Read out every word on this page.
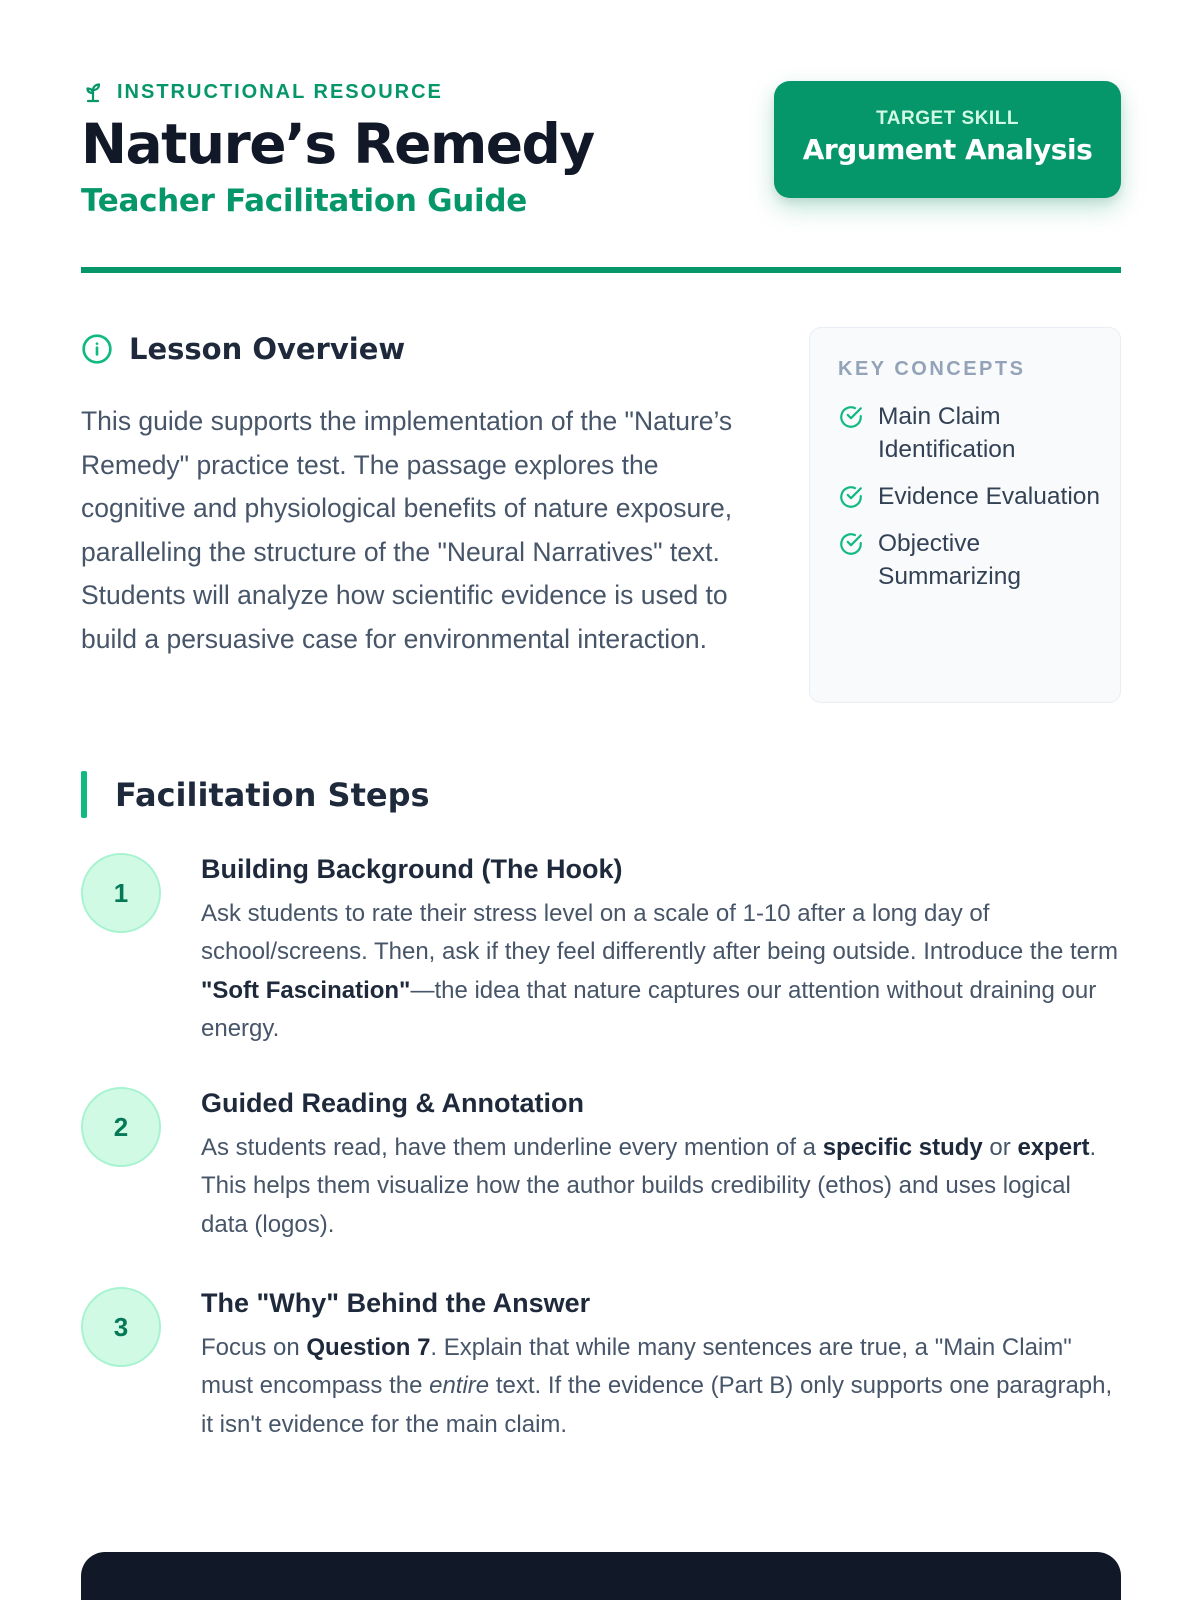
INSTRUCTIONAL RESOURCE
Nature’s Remedy
Teacher Facilitation Guide
TARGET SKILL
Argument Analysis
Lesson Overview

This guide supports the implementation of the "Nature’s Remedy" practice test. The passage explores the cognitive and physiological benefits of nature exposure, paralleling the structure of the "Neural Narratives" text. Students will analyze how scientific evidence is used to build a persuasive case for environmental interaction.

KEY CONCEPTS
Main Claim Identification
Evidence Evaluation
Objective Summarizing
Facilitation Steps
1
Building Background (The Hook)

Ask students to rate their stress level on a scale of 1-10 after a long day of school/screens. Then, ask if they feel differently after being outside. Introduce the term "Soft Fascination"—the idea that nature captures our attention without draining our energy.

2
Guided Reading & Annotation

As students read, have them underline every mention of a specific study or expert. This helps them visualize how the author builds credibility (ethos) and uses logical data (logos).

3
The "Why" Behind the Answer

Focus on Question 7. Explain that while many sentences are true, a "Main Claim" must encompass the entire text. If the evidence (Part B) only supports one paragraph, it isn't evidence for the main claim.
